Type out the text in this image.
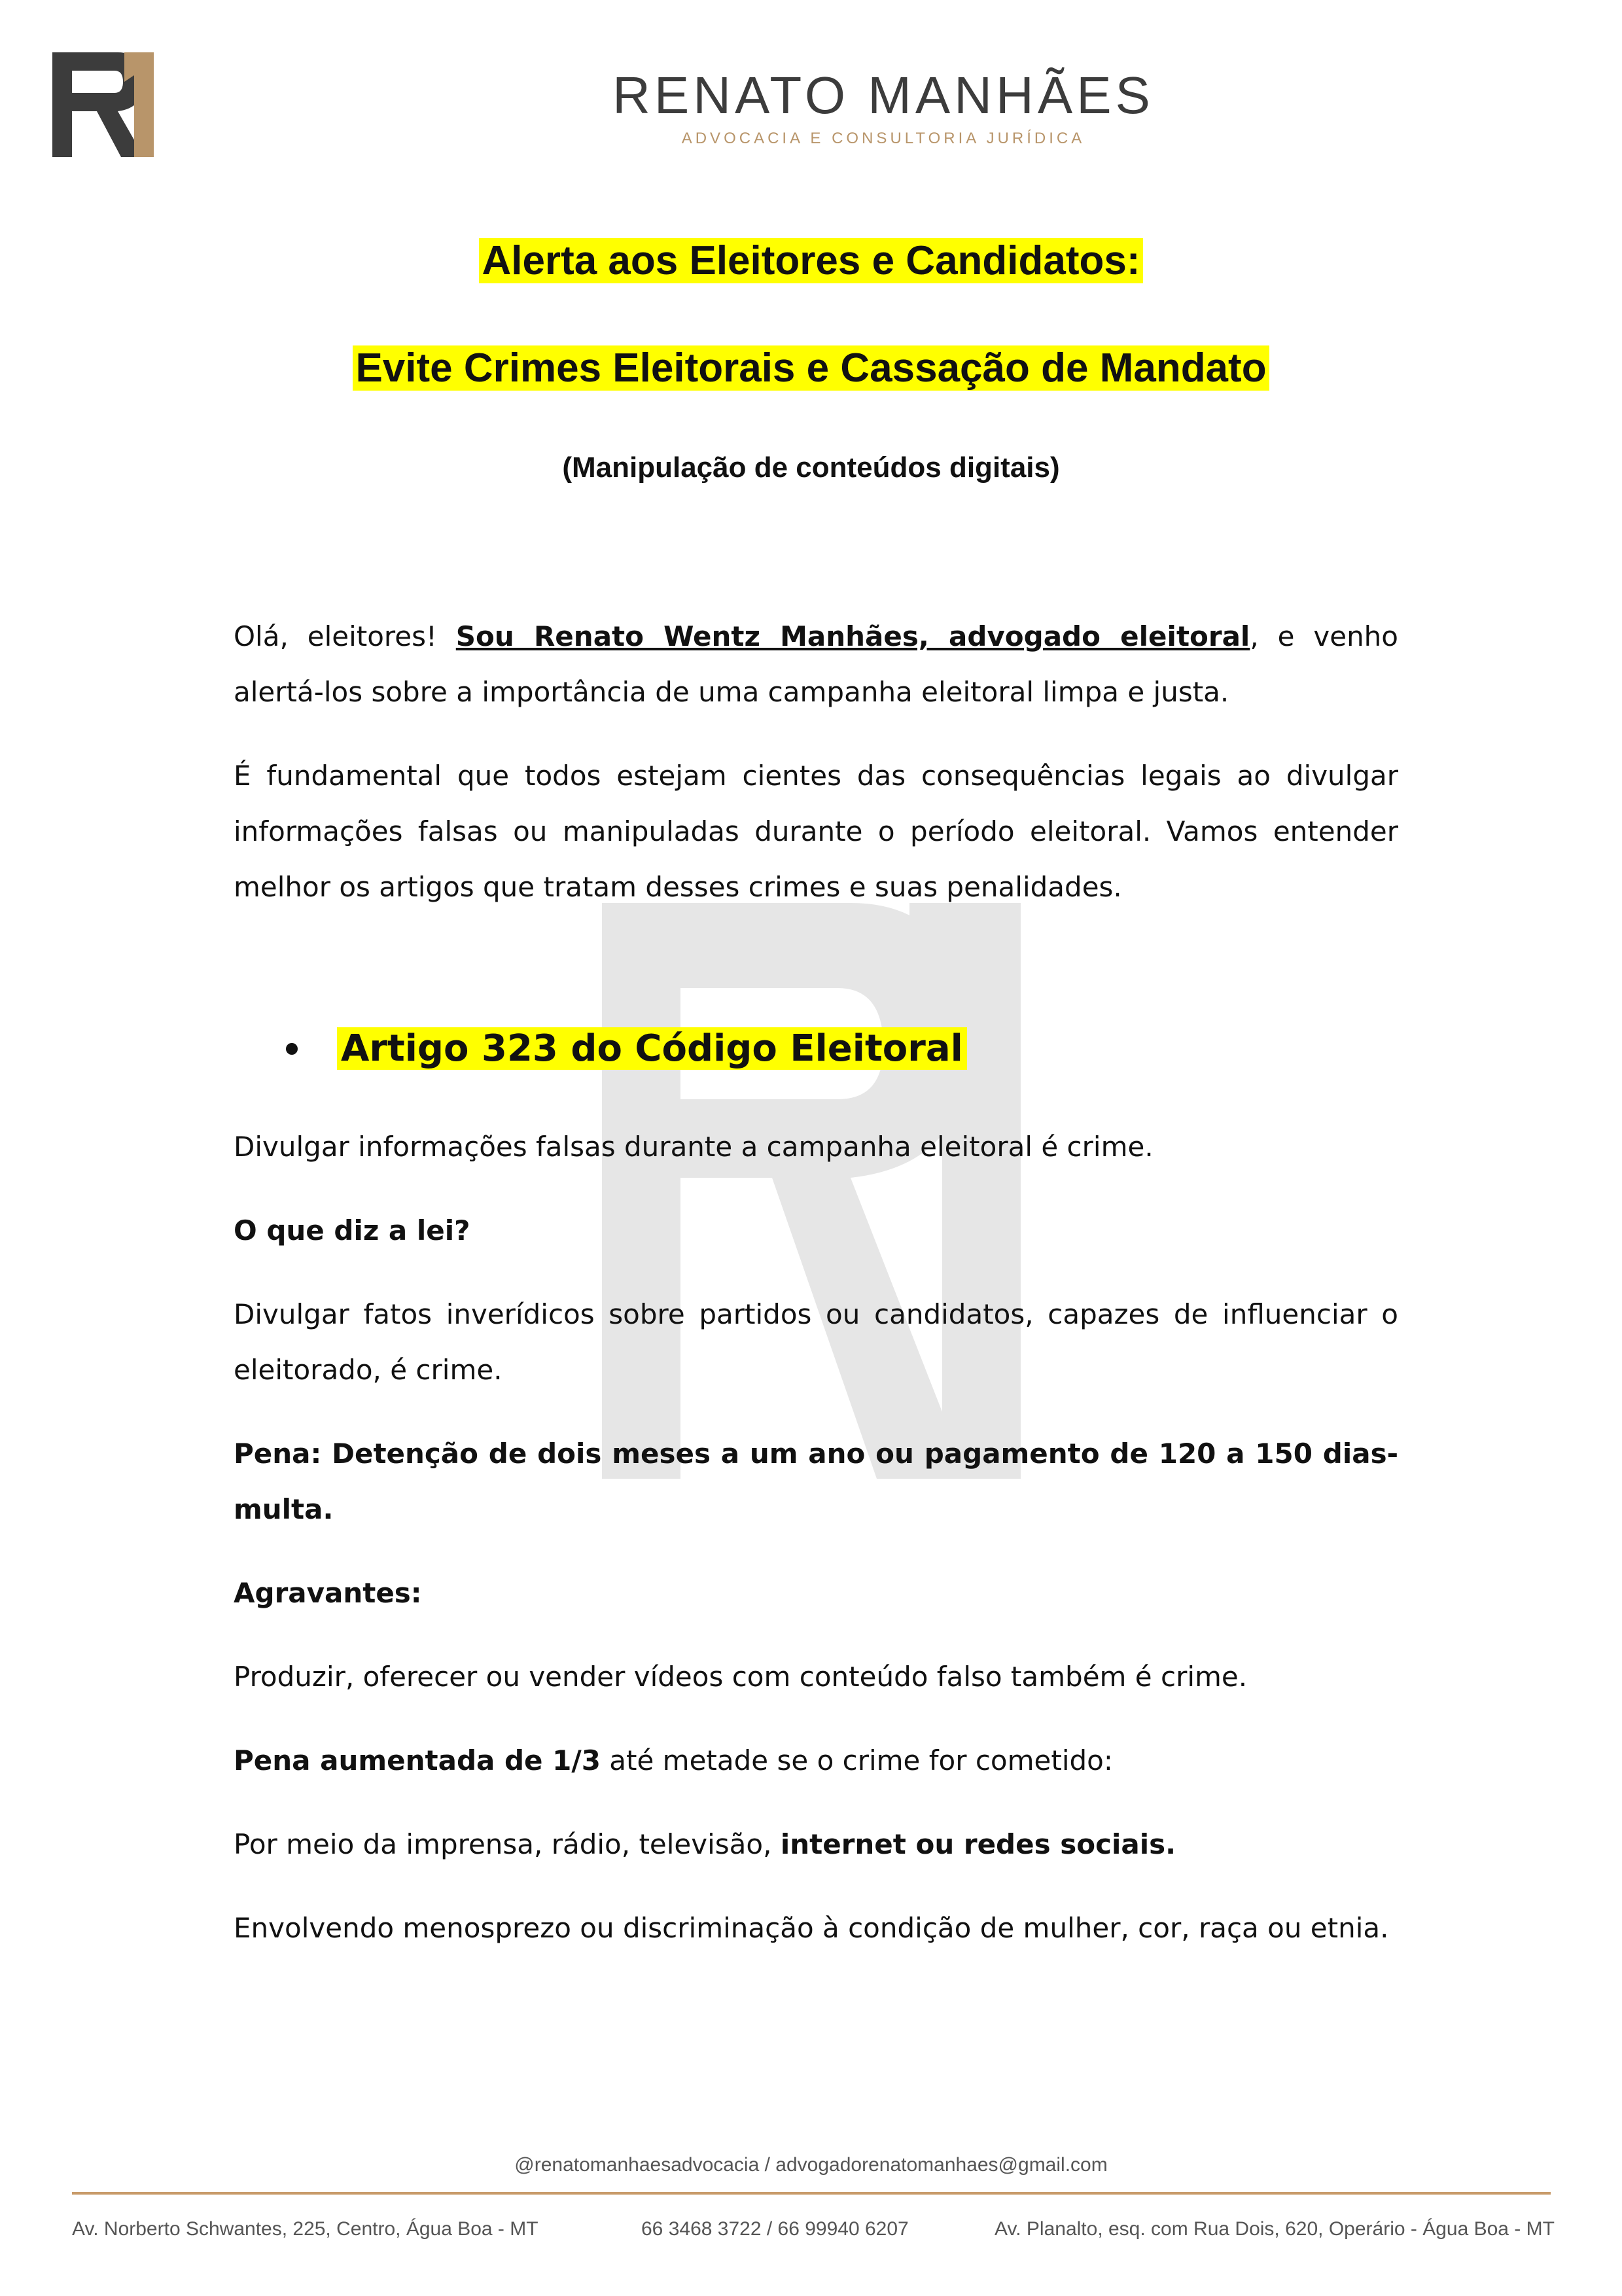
RENATO MANHÃES
ADVOCACIA E CONSULTORIA JURÍDICA
Alerta aos Eleitores e Candidatos:
Evite Crimes Eleitorais e Cassação de Mandato
(Manipulação de conteúdos digitais)

Olá, eleitores! Sou Renato Wentz Manhães, advogado eleitoral, e venho alertá-los sobre a importância de uma campanha eleitoral limpa e justa.

É fundamental que todos estejam cientes das consequências legais ao divulgar informações falsas ou manipuladas durante o período eleitoral. Vamos entender melhor os artigos que tratam desses crimes e suas penalidades.

Artigo 323 do Código Eleitoral

Divulgar informações falsas durante a campanha eleitoral é crime.

O que diz a lei?

Divulgar fatos inverídicos sobre partidos ou candidatos, capazes de influenciar o eleitorado, é crime.

Pena: Detenção de dois meses a um ano ou pagamento de 120 a 150 dias-multa.

Agravantes:

Produzir, oferecer ou vender vídeos com conteúdo falso também é crime.

Pena aumentada de 1/3 até metade se o crime for cometido:

Por meio da imprensa, rádio, televisão, internet ou redes sociais.

Envolvendo menosprezo ou discriminação à condição de mulher, cor, raça ou etnia.

@renatomanhaesadvocacia / advogadorenatomanhaes@gmail.com
Av. Norberto Schwantes, 225, Centro, Água Boa - MT	66 3468 3722 / 66 99940 6207	Av. Planalto, esq. com Rua Dois, 620, Operário - Água Boa - MT
